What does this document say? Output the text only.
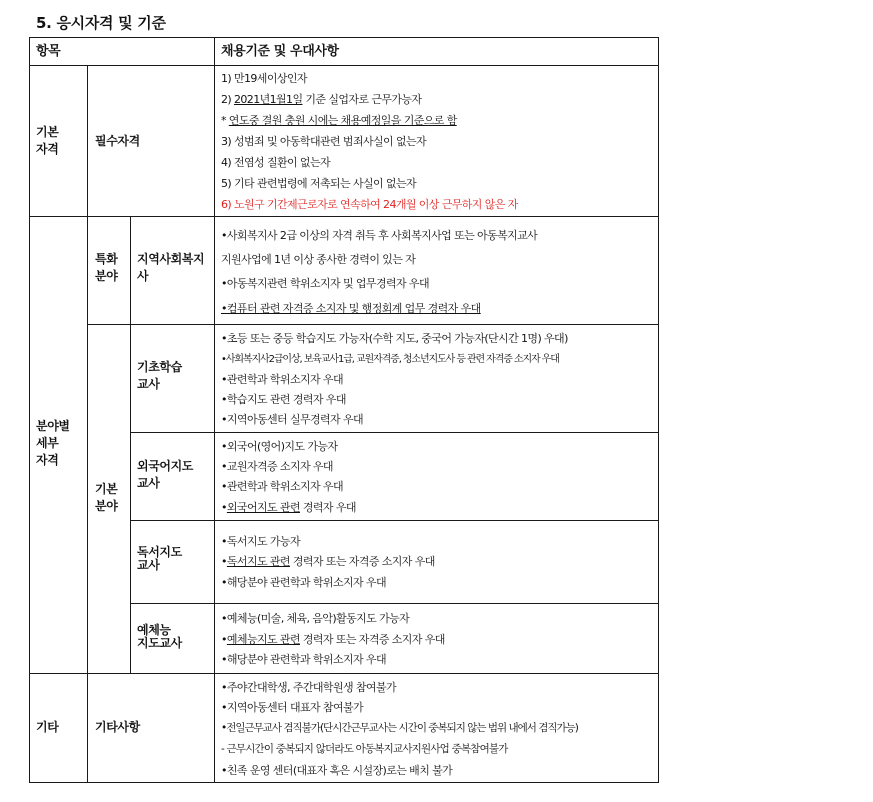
5. 응시자격 및 기준
항목	채용기준 및 우대사항
기본
자격
필수자격
1) 만19세이상인자
2) 2021년1월1일 기준 실업자로 근무가능자
* 연도중 결원 충원 시에는 채용예정일을 기준으로 함
3) 성범죄 및 아동학대관련 범죄사실이 없는자
4) 전염성 질환이 없는자
5) 기타 관련법령에 저촉되는 사실이 없는자
6) 노원구 기간제근로자로 연속하여 24개월 이상 근무하지 않은 자
분야별
세부
자격
특화
분야
지역사회복지
사
•사회복지사 2급 이상의 자격 취득 후 사회복지사업 또는 아동복지교사
지원사업에 1년 이상 종사한 경력이 있는 자
•아동복지관련 학위소지자 및 업무경력자 우대
•컴퓨터 관련 자격증 소지자 및 행정회계 업무 경력자 우대
기본
분야
기초학습
교사
•초등 또는 중등 학습지도 가능자(수학 지도, 중국어 가능자(단시간 1명) 우대)
•사회복지사2급이상, 보육교사1급, 교원자격증, 청소년지도사 등 관련 자격증 소지자 우대
•관련학과 학위소지자 우대
•학습지도 관련 경력자 우대
•지역아동센터 실무경력자 우대
외국어지도
교사
•외국어(영어)지도 가능자
•교원자격증 소지자 우대
•관련학과 학위소지자 우대
•외국어지도 관련 경력자 우대
독서지도
교사
•독서지도 가능자
•독서지도 관련 경력자 또는 자격증 소지자 우대
•해당분야 관련학과 학위소지자 우대
예체능
지도교사
•예체능(미술, 체육, 음악)활동지도 가능자
•예체능지도 관련 경력자 또는 자격증 소지자 우대
•해당분야 관련학과 학위소지자 우대
기타	기타사항
•주야간대학생, 주간대학원생 참여불가
•지역아동센터 대표자 참여불가
•전일근무교사 겸직불가(단시간근무교사는 시간이 중복되지 않는 범위 내에서 겸직가능)
- 근무시간이 중복되지 않더라도 아동복지교사지원사업 중복참여불가
•친족 운영 센터(대표자 혹은 시설장)로는 배치 불가
